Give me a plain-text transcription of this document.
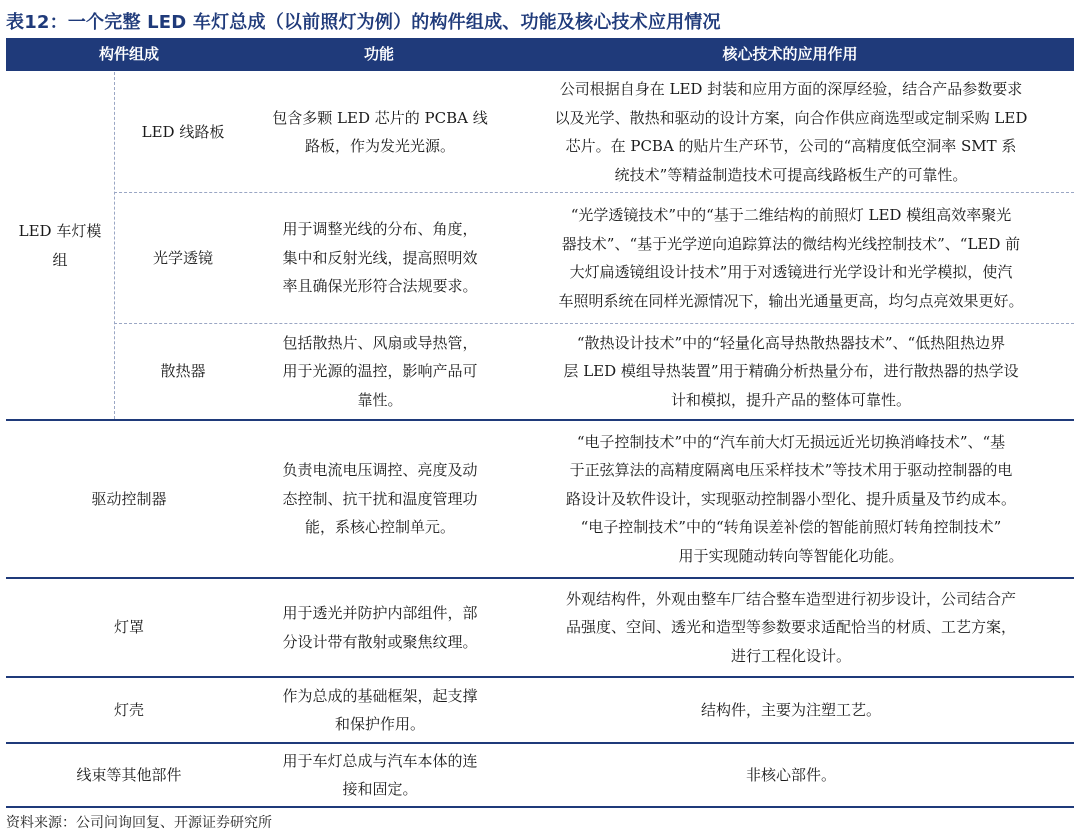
表12：一个完整 LED 车灯总成（以前照灯为例）的构件组成、功能及核心技术应用情况
构件组成	功能	核心技术的应用作用
LED 车灯模
组
LED 线路板
包含多颗 LED 芯片的 PCBA 线
路板，作为发光光源。
公司根据自身在 LED 封装和应用方面的深厚经验，结合产品参数要求
以及光学、散热和驱动的设计方案，向合作供应商选型或定制采购 LED
芯片。在 PCBA 的贴片生产环节，公司的“高精度低空洞率 SMT 系
统技术”等精益制造技术可提高线路板生产的可靠性。
光学透镜
用于调整光线的分布、角度，
集中和反射光线，提高照明效
率且确保光形符合法规要求。
“光学透镜技术”中的“基于二维结构的前照灯 LED 模组高效率聚光
器技术”、“基于光学逆向追踪算法的微结构光线控制技术”、“LED 前
大灯扁透镜组设计技术”用于对透镜进行光学设计和光学模拟，使汽
车照明系统在同样光源情况下，输出光通量更高，均匀点亮效果更好。
散热器
包括散热片、风扇或导热管，
用于光源的温控，影响产品可
靠性。
“散热设计技术”中的“轻量化高导热散热器技术”、“低热阻热边界
层 LED 模组导热装置”用于精确分析热量分布，进行散热器的热学设
计和模拟，提升产品的整体可靠性。
驱动控制器
负责电流电压调控、亮度及动
态控制、抗干扰和温度管理功
能，系核心控制单元。
“电子控制技术”中的“汽车前大灯无损远近光切换消峰技术”、“基
于正弦算法的高精度隔离电压采样技术”等技术用于驱动控制器的电
路设计及软件设计，实现驱动控制器小型化、提升质量及节约成本。
“电子控制技术”中的“转角误差补偿的智能前照灯转角控制技术”
用于实现随动转向等智能化功能。
灯罩
用于透光并防护内部组件，部
分设计带有散射或聚焦纹理。
外观结构件，外观由整车厂结合整车造型进行初步设计，公司结合产
品强度、空间、透光和造型等参数要求适配恰当的材质、工艺方案，
进行工程化设计。
灯壳
作为总成的基础框架，起支撑
和保护作用。
结构件，主要为注塑工艺。
线束等其他部件
用于车灯总成与汽车本体的连
接和固定。
非核心部件。
资料来源：公司问询回复、开源证券研究所
